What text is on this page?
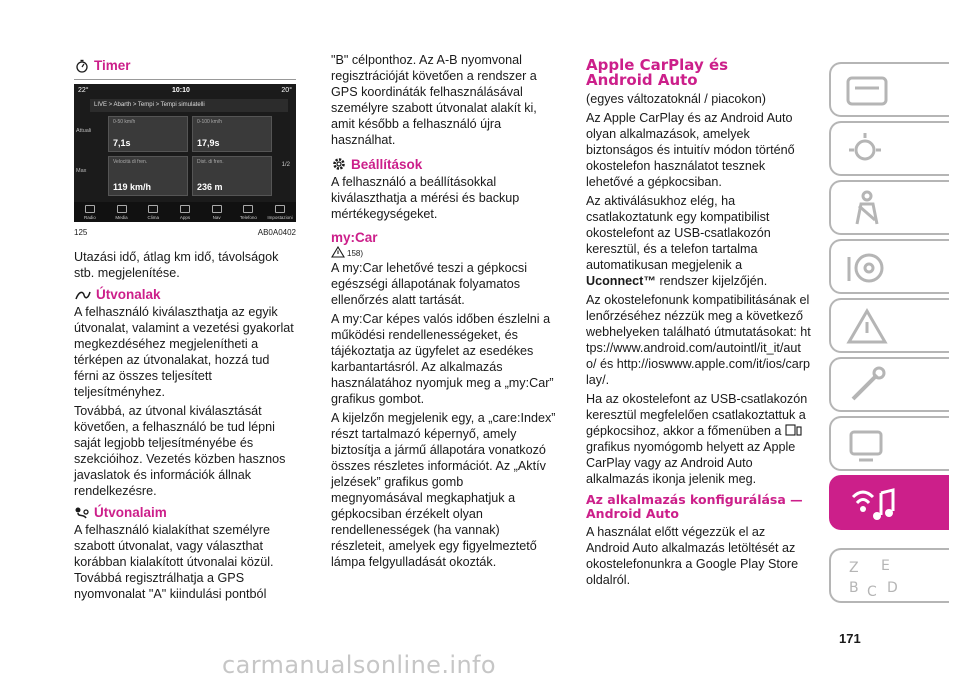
Timer
22°	10:10	20°
LIVE > Abarth > Tempi > Tempi simulatelli
Attuali
Max
0-50 km/h
7,1s
0-100 km/h
17,9s
Velocità di fren.
119 km/h
Dist. di fren.
236 m
1/2
Radio	Media	Clima	Apps	Nav	Telefono	Impostazioni
125	AB0A0402

Utazási idő, átlag km idő, távolságok stb. megjelenítése.

Útvonalak

A felhasználó kiválaszthatja az egyik útvonalat, valamint a vezetési gyakorlat megkezdéséhez megjelenítheti a térképen az útvonalakat, hozzá tud férni az összes teljesített teljesítményhez.

Továbbá, az útvonal kiválasztását követően, a felhasználó be tud lépni saját legjobb teljesítményébe és szekcióihoz. Vezetés közben hasznos javaslatok és információk állnak rendelkezésre.

Útvonalaim

A felhasználó kialakíthat személyre szabott útvonalat, vagy választhat korábban kialakított útvonalai közül. Továbbá regisztrálhatja a GPS nyomvonalat "A" kiindulási pontból

"B" célponthoz. Az A-B nyomvonal regisztrációját követően a rendszer a GPS koordináták felhasználásával személyre szabott útvonalat alakít ki, amit később a felhasználó újra használhat.

Beállítások

A felhasználó a beállításokkal kiválaszthatja a mérési és backup mértékegységeket.

my:Car
158)

A my:Car lehetővé teszi a gépkocsi egészségi állapotának folyamatos ellenőrzés alatt tartását.

A my:Car képes valós időben észlelni a működési rendellenességeket, és tájékoztatja az ügyfelet az esedékes karbantartásról. Az alkalmazás használatához nyomjuk meg a „my:Car” grafikus gombot.

A kijelzőn megjelenik egy, a „care:Index” részt tartalmazó képernyő, amely biztosítja a jármű állapotára vonatkozó összes részletes információt. Az „Aktív jelzések” grafikus gomb megnyomásával megkaphatjuk a gépkocsiban érzékelt olyan rendellenességek (ha vannak) részleteit, amelyek egy figyelmeztető lámpa felgyulladását okozták.

Apple CarPlay és
Android Auto

(egyes változatoknál / piacokon)

Az Apple CarPlay és az Android Auto olyan alkalmazások, amelyek biztonságos és intuitív módon történő okostelefon használatot tesznek lehetővé a gépkocsiban.

Az aktiválásukhoz elég, ha csatlakoztatunk egy kompatibilist okostelefont az USB-csatlakozón keresztül, és a telefon tartalma automatikusan megjelenik a Uconnect™ rendszer kijelzőjén.

Az okostelefonunk kompatibilitásának ellenőrzéséhez nézzük meg a következő webhelyeken található útmutatásokat: https://www.android.com/autointl/it_it/auto/ és http://ioswww.apple.com/it/ios/carplay/.

Ha az okostelefont az USB-csatlakozón keresztül megfelelően csatlakoztattuk a gépkocsihoz, akkor a főmenüben a  grafikus nyomógomb helyett az Apple CarPlay vagy az Android Auto alkalmazás ikonja jelenik meg.

Az alkalmazás konfigurálása —
Android Auto

A használat előtt végezzük el az Android Auto alkalmazás letöltését az okostelefonunkra a Google Play Store oldalról.

Z E
B C D
171
carmanualsonline.info
